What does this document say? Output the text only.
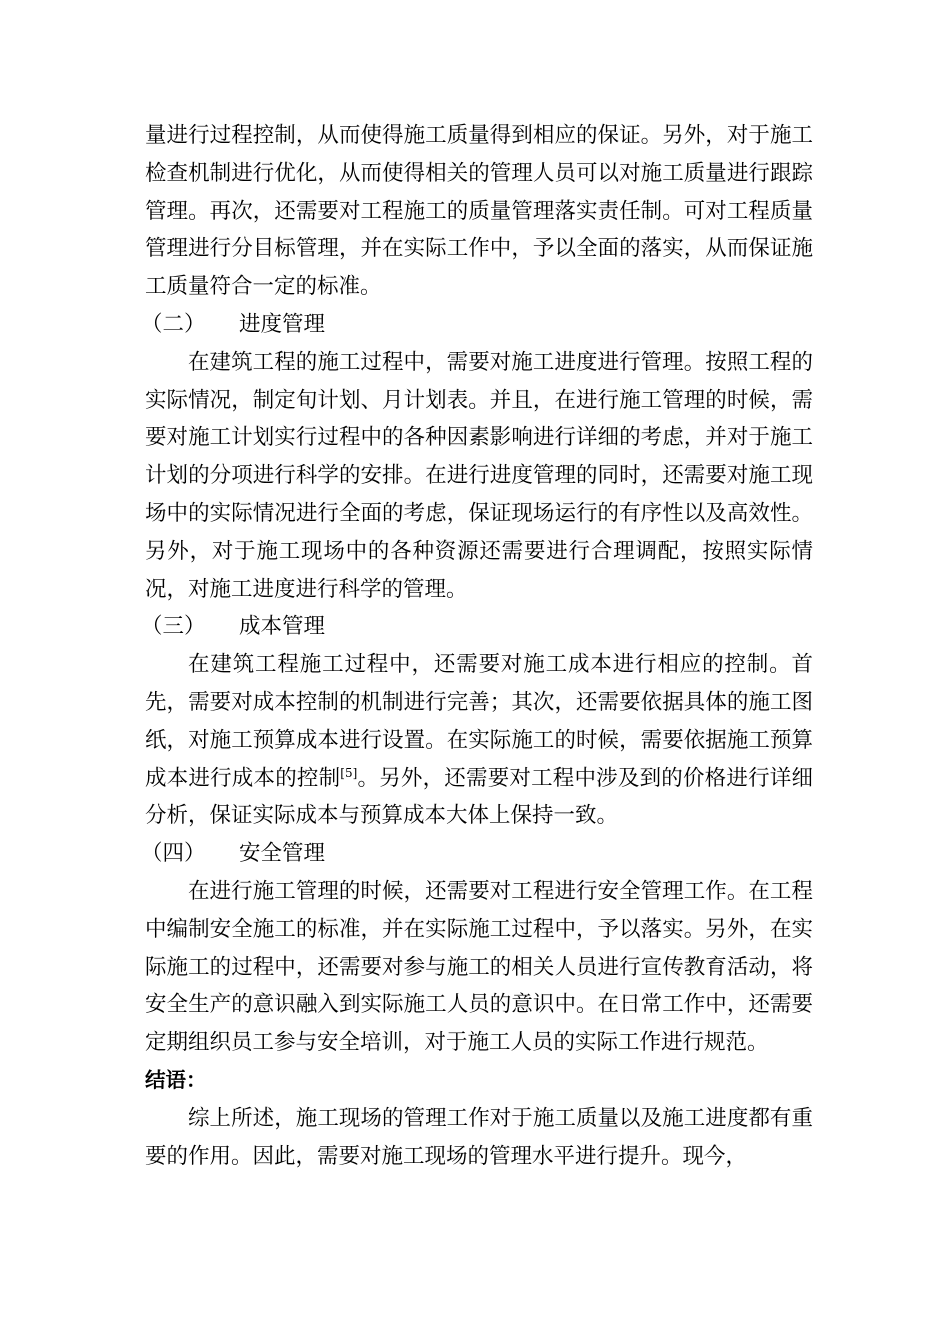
量进行过程控制，从而使得施工质量得到相应的保证。另外，对于施工检查机制进行优化，从而使得相关的管理人员可以对施工质量进行跟踪管理。再次，还需要对工程施工的质量管理落实责任制。可对工程质量管理进行分目标管理，并在实际工作中，予以全面的落实，从而保证施工质量符合一定的标准。

（二） 进度管理

在建筑工程的施工过程中，需要对施工进度进行管理。按照工程的实际情况，制定旬计划、月计划表。并且，在进行施工管理的时候，需要对施工计划实行过程中的各种因素影响进行详细的考虑，并对于施工计划的分项进行科学的安排。在进行进度管理的同时，还需要对施工现场中的实际情况进行全面的考虑，保证现场运行的有序性以及高效性。另外，对于施工现场中的各种资源还需要进行合理调配，按照实际情况，对施工进度进行科学的管理。

（三） 成本管理

在建筑工程施工过程中，还需要对施工成本进行相应的控制。首先，需要对成本控制的机制进行完善；其次，还需要依据具体的施工图纸，对施工预算成本进行设置。在实际施工的时候，需要依据施工预算成本进行成本的控制[5]。另外，还需要对工程中涉及到的价格进行详细分析，保证实际成本与预算成本大体上保持一致。

（四） 安全管理

在进行施工管理的时候，还需要对工程进行安全管理工作。在工程中编制安全施工的标准，并在实际施工过程中，予以落实。另外，在实际施工的过程中，还需要对参与施工的相关人员进行宣传教育活动，将安全生产的意识融入到实际施工人员的意识中。在日常工作中，还需要定期组织员工参与安全培训，对于施工人员的实际工作进行规范。

结语：

综上所述，施工现场的管理工作对于施工质量以及施工进度都有重要的作用。因此，需要对施工现场的管理水平进行提升。现今，
